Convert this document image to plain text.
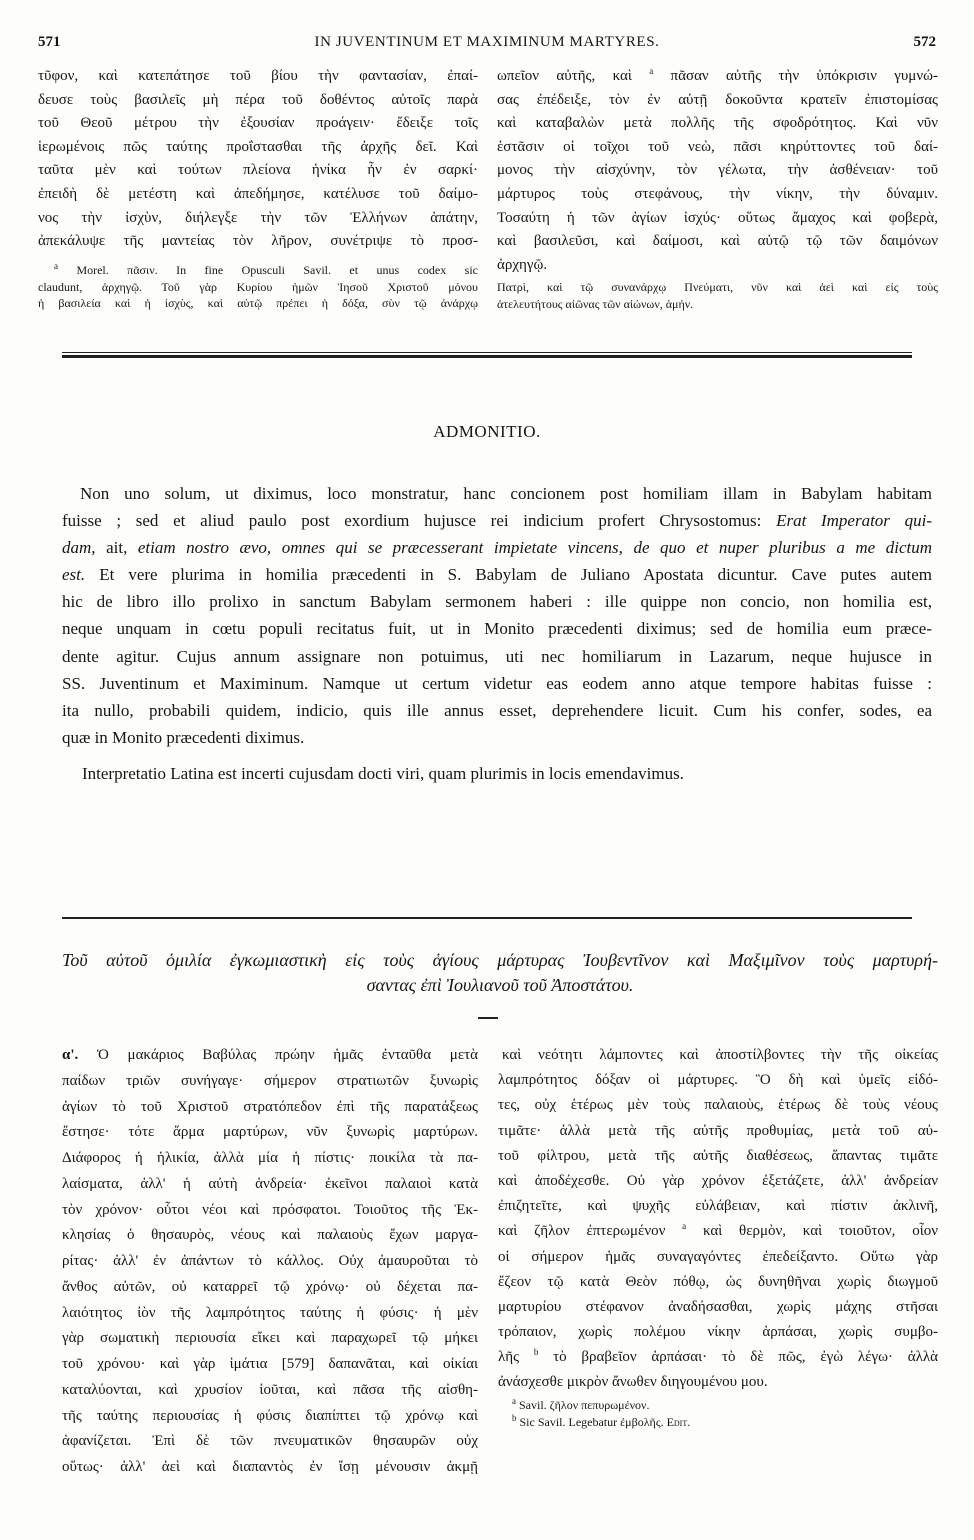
571	IN JUVENTINUM ET MAXIMINUM MARTYRES.	572
τῦφον, καὶ κατεπάτησε τοῦ βίου τὴν φαντασίαν, ἐπαί-
δευσε τοὺς βασιλεῖς μὴ πέρα τοῦ δοθέντος αὐτοῖς παρὰ
τοῦ Θεοῦ μέτρου τὴν ἐξουσίαν προάγειν· ἔδειξε τοῖς
ἱερωμένοις πῶς ταύτης προΐστασθαι τῆς ἀρχῆς δεῖ. Καὶ
ταῦτα μὲν καὶ τούτων πλείονα ἡνίκα ἦν ἐν σαρκί·
ἐπειδὴ δὲ μετέστη καὶ ἀπεδήμησε, κατέλυσε τοῦ δαίμο-
νος τὴν ἰσχὺν, διήλεγξε τὴν τῶν Ἑλλήνων ἀπάτην,
ἀπεκάλυψε τῆς μαντείας τὸν λῆρον, συνέτριψε τὸ προσ-
$^a$ Morel. πᾶσιν. In fine Opusculi Savil. et unus codex sic
claudunt, ἀρχηγῷ. Τοῦ γὰρ Κυρίου ἡμῶν Ἰησοῦ Χριστοῦ μόνου
ἡ βασιλεία καὶ ἡ ἰσχὺς, καὶ αὐτῷ πρέπει ἡ δόξα, σὺν τῷ ἀνάρχῳ
ωπεῖον αὐτῆς, καὶ $^a$ πᾶσαν αὐτῆς τὴν ὑπόκρισιν γυμνώ-
σας ἐπέδειξε, τὸν ἐν αὐτῇ δοκοῦντα κρατεῖν ἐπιστομίσας
καὶ καταβαλὼν μετὰ πολλῆς τῆς σφοδρότητος. Καὶ νῦν
ἑστᾶσιν οἱ τοῖχοι τοῦ νεὼ, πᾶσι κηρύττοντες τοῦ δαί-
μονος τὴν αἰσχύνην, τὸν γέλωτα, τὴν ἀσθένειαν· τοῦ
μάρτυρος τοὺς στεφάνους, τὴν νίκην, τὴν δύναμιν.
Τοσαύτη ἡ τῶν ἁγίων ἰσχύς· οὕτως ἄμαχος καὶ φοβερὰ,
καὶ βασιλεῦσι, καὶ δαίμοσι, καὶ αὐτῷ τῷ τῶν δαιμόνων
ἀρχηγῷ.
Πατρὶ, καὶ τῷ συνανάρχῳ Πνεύματι, νῦν καὶ ἀεὶ καὶ εἰς τοὺς
ἀτελευτήτους αἰῶνας τῶν αἰώνων, ἀμήν.
ADMONITIO.
Non uno solum, ut diximus, loco monstratur, hanc concionem post homiliam illam in Babylam habitam
fuisse ; sed et aliud paulo post exordium hujusce rei indicium profert Chrysostomus: Erat Imperator qui-
dam, ait, etiam nostro ævo, omnes qui se præcesserant impietate vincens, de quo et nuper pluribus a me dictum
est. Et vere plurima in homilia præcedenti in S. Babylam de Juliano Apostata dicuntur. Cave putes autem
hic de libro illo prolixo in sanctum Babylam sermonem haberi : ille quippe non concio, non homilia est,
neque unquam in cœtu populi recitatus fuit, ut in Monito præcedenti diximus; sed de homilia eum præce-
dente agitur. Cujus annum assignare non potuimus, uti nec homiliarum in Lazarum, neque hujusce in
SS. Juventinum et Maximinum. Namque ut certum videtur eas eodem anno atque tempore habitas fuisse :
ita nullo, probabili quidem, indicio, quis ille annus esset, deprehendere licuit. Cum his confer, sodes, ea
quæ in Monito præcedenti diximus.
Interpretatio Latina est incerti cujusdam docti viri, quam plurimis in locis emendavimus.
Τοῦ αὐτοῦ ὁμιλία ἐγκωμιαστικὴ εἰς τοὺς ἁγίους μάρτυρας Ἰουβεντῖνον καὶ Μαξιμῖνον τοὺς μαρτυρή-
σαντας ἐπὶ Ἰουλιανοῦ τοῦ Ἀποστάτου.
α'. Ὁ μακάριος Βαβύλας πρώην ἡμᾶς ἐνταῦθα μετὰ
παίδων τριῶν συνήγαγε· σήμερον στρατιωτῶν ξυνωρὶς
ἁγίων τὸ τοῦ Χριστοῦ στρατόπεδον ἐπὶ τῆς παρατάξεως
ἔστησε· τότε ἅρμα μαρτύρων, νῦν ξυνωρὶς μαρτύρων.
Διάφορος ἡ ἡλικία, ἀλλὰ μία ἡ πίστις· ποικίλα τὰ πα-
λαίσματα, ἀλλ' ἡ αὐτὴ ἀνδρεία· ἐκεῖνοι παλαιοὶ κατὰ
τὸν χρόνον· οὗτοι νέοι καὶ πρόσφατοι. Τοιοῦτος τῆς Ἐκ-
κλησίας ὁ θησαυρὸς, νέους καὶ παλαιοὺς ἔχων μαργα-
ρίτας· ἀλλ' ἐν ἁπάντων τὸ κάλλος. Οὐχ ἀμαυροῦται τὸ
ἄνθος αὐτῶν, οὐ καταρρεῖ τῷ χρόνῳ· οὐ δέχεται πα-
λαιότητος ἰὸν τῆς λαμπρότητος ταύτης ἡ φύσις· ἡ μὲν
γὰρ σωματικὴ περιουσία εἴκει καὶ παραχωρεῖ τῷ μήκει
τοῦ χρόνου· καὶ γὰρ ἱμάτια [579] δαπανᾶται, καὶ οἰκίαι
καταλύονται, καὶ χρυσίον ἰοῦται, καὶ πᾶσα τῆς αἰσθη-
τῆς ταύτης περιουσίας ἡ φύσις διαπίπτει τῷ χρόνῳ καὶ
ἀφανίζεται. Ἐπὶ δὲ τῶν πνευματικῶν θησαυρῶν οὐχ
οὕτως· ἀλλ' ἀεὶ καὶ διαπαντὸς ἐν ἴσῃ μένουσιν ἀκμῇ
καὶ νεότητι λάμποντες καὶ ἀποστίλβοντες τὴν τῆς οἰκείας
λαμπρότητος δόξαν οἱ μάρτυρες. Ὃ δὴ καὶ ὑμεῖς εἰδό-
τες, οὐχ ἑτέρως μὲν τοὺς παλαιοὺς, ἑτέρως δὲ τοὺς νέους
τιμᾶτε· ἀλλὰ μετὰ τῆς αὐτῆς προθυμίας, μετὰ τοῦ αὐ-
τοῦ φίλτρου, μετὰ τῆς αὐτῆς διαθέσεως, ἅπαντας τιμᾶτε
καὶ ἀποδέχεσθε. Οὐ γὰρ χρόνον ἐξετάζετε, ἀλλ' ἀνδρείαν
ἐπιζητεῖτε, καὶ ψυχῆς εὐλάβειαν, καὶ πίστιν ἀκλινῆ,
καὶ ζῆλον ἐπτερωμένον $^a$ καὶ θερμὸν, καὶ τοιοῦτον, οἷον
οἱ σήμερον ἡμᾶς συναγαγόντες ἐπεδείξαντο. Οὕτω γὰρ
ἔζεον τῷ κατὰ Θεὸν πόθῳ, ὡς δυνηθῆναι χωρὶς διωγμοῦ
μαρτυρίου στέφανον ἀναδήσασθαι, χωρὶς μάχης στῆσαι
τρόπαιον, χωρὶς πολέμου νίκην ἁρπάσαι, χωρὶς συμβο-
λῆς $^b$ τὸ βραβεῖον ἁρπάσαι· τὸ δὲ πῶς, ἐγὼ λέγω· ἀλλὰ
ἀνάσχεσθε μικρὸν ἄνωθεν διηγουμένου μου.
$^a$ Savil. ζῆλον πεπυρωμένον.
$^b$ Sic Savil. Legebatur ἐμβολῆς. Edit.
